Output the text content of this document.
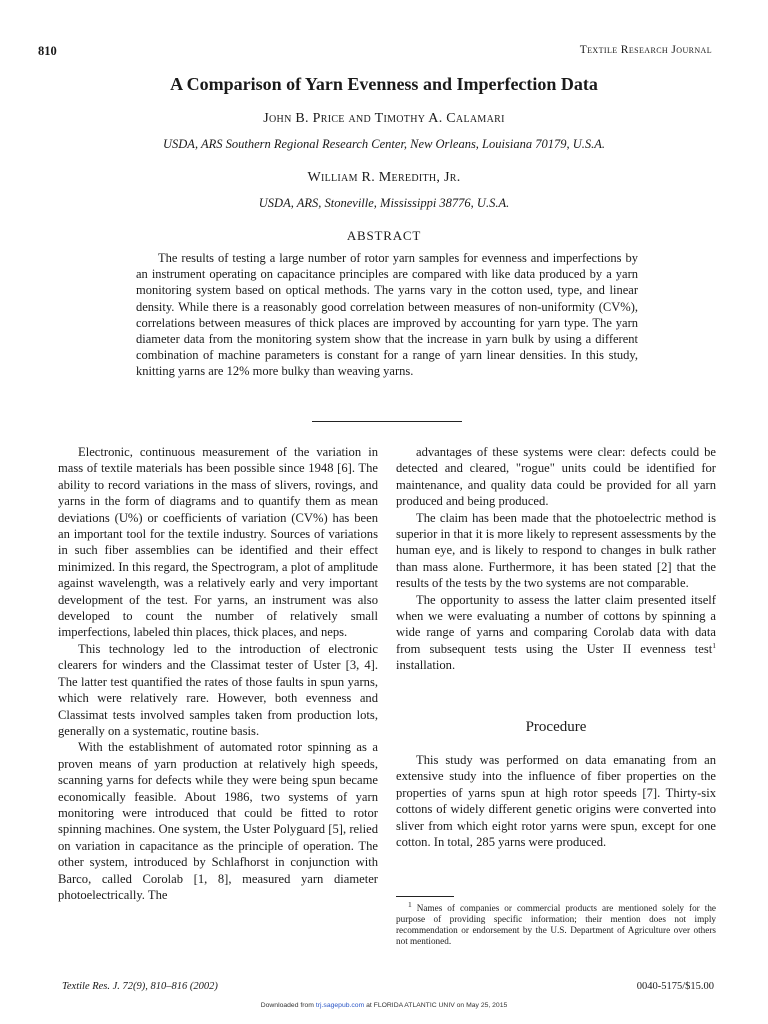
810	Textile Research Journal
A Comparison of Yarn Evenness and Imperfection Data
John B. Price and Timothy A. Calamari
USDA, ARS Southern Regional Research Center, New Orleans, Louisiana 70179, U.S.A.
William R. Meredith, Jr.
USDA, ARS, Stoneville, Mississippi 38776, U.S.A.
ABSTRACT
The results of testing a large number of rotor yarn samples for evenness and imperfections by an instrument operating on capacitance principles are compared with like data produced by a yarn monitoring system based on optical methods. The yarns vary in the cotton used, type, and linear density. While there is a reasonably good correlation between measures of non-uniformity (CV%), correlations between measures of thick places are improved by accounting for yarn type. The yarn diameter data from the monitoring system show that the increase in yarn bulk by using a different combination of machine parameters is constant for a range of yarn linear densities. In this study, knitting yarns are 12% more bulky than weaving yarns.

Electronic, continuous measurement of the variation in mass of textile materials has been possible since 1948 [6]. The ability to record variations in the mass of slivers, rovings, and yarns in the form of diagrams and to quantify them as mean deviations (U%) or coefficients of variation (CV%) has been an important tool for the textile industry. Sources of variations in such fiber assemblies can be identified and their effect minimized. In this regard, the Spectrogram, a plot of amplitude against wavelength, was a relatively early and very important development of the test. For yarns, an instrument was also developed to count the number of relatively small imperfections, labeled thin places, thick places, and neps.

This technology led to the introduction of electronic clearers for winders and the Classimat tester of Uster [3, 4]. The latter test quantified the rates of those faults in spun yarns, which were relatively rare. However, both evenness and Classimat tests involved samples taken from production lots, generally on a systematic, routine basis.

With the establishment of automated rotor spinning as a proven means of yarn production at relatively high speeds, scanning yarns for defects while they were being spun became economically feasible. About 1986, two systems of yarn monitoring were introduced that could be fitted to rotor spinning machines. One system, the Uster Polyguard [5], relied on variation in capacitance as the principle of operation. The other system, introduced by Schlafhorst in conjunction with Barco, called Corolab [1, 8], measured yarn diameter photoelectrically. The

advantages of these systems were clear: defects could be detected and cleared, "rogue" units could be identified for maintenance, and quality data could be provided for all yarn produced and being produced.

The claim has been made that the photoelectric method is superior in that it is more likely to represent assessments by the human eye, and is likely to respond to changes in bulk rather than mass alone. Furthermore, it has been stated [2] that the results of the tests by the two systems are not comparable.

The opportunity to assess the latter claim presented itself when we were evaluating a number of cottons by spinning a wide range of yarns and comparing Corolab data with data from subsequent tests using the Uster II evenness test$^1$ installation.

Procedure

This study was performed on data emanating from an extensive study into the influence of fiber properties on the properties of yarns spun at high rotor speeds [7]. Thirty-six cottons of widely different genetic origins were converted into sliver from which eight rotor yarns were spun, except for one cotton. In total, 285 yarns were produced.

$^1$ Names of companies or commercial products are mentioned solely for the purpose of providing specific information; their mention does not imply recommendation or endorsement by the U.S. Department of Agriculture over others not mentioned.
Textile Res. J. 72(9), 810–816 (2002)	0040-5175/$15.00
Downloaded from trj.sagepub.com at FLORIDA ATLANTIC UNIV on May 25, 2015
